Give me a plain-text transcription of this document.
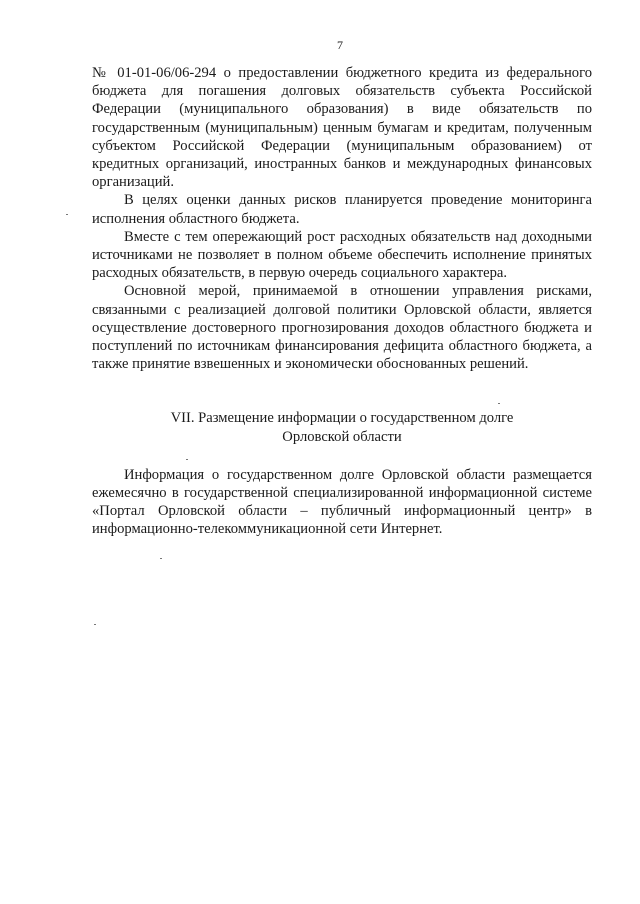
7

№ 01-01-06/06-294 о предоставлении бюджетного кредита из федерального бюджета для погашения долговых обязательств субъекта Российской Федерации (муниципального образования) в виде обязательств по государственным (муниципальным) ценным бумагам и кредитам, полученным субъектом Российской Федерации (муниципальным образованием) от кредитных организаций, иностранных банков и международных финансовых организаций.

В целях оценки данных рисков планируется проведение мониторинга исполнения областного бюджета.

Вместе с тем опережающий рост расходных обязательств над доходными источниками не позволяет в полном объеме обеспечить исполнение принятых расходных обязательств, в первую очередь социального характера.

Основной мерой, принимаемой в отношении управления рисками, связанными с реализацией долговой политики Орловской области, является осуществление достоверного прогнозирования доходов областного бюджета и поступлений по источникам финансирования дефицита областного бюджета, а также принятие взвешенных и экономически обоснованных решений.

VII. Размещение информации о государственном долге
Орловской области

Информация о государственном долге Орловской области размещается ежемесячно в государственной специализированной информационной системе «Портал Орловской области – публичный информационный центр» в информационно-телекоммуникационной сети Интернет.
